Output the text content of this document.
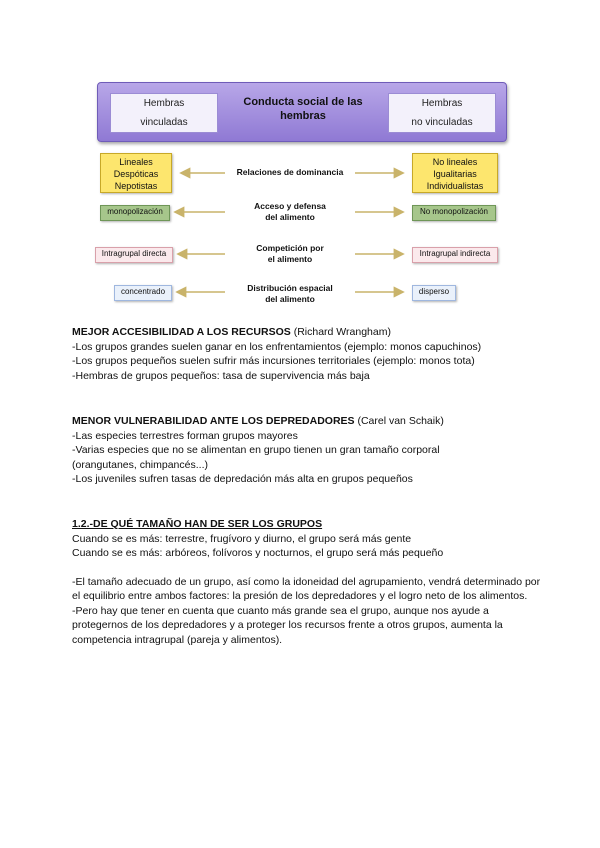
Hembras
vinculadas
Conducta social de las
hembras
Hembras
no vinculadas
Lineales
Despóticas
Nepotistas
Relaciones de dominancia
No lineales
Igualitarias
Individualistas
monopolización
Acceso y defensa
del alimento
No monopolización
Intragrupal directa
Competición por
el alimento
Intragrupal indirecta
concentrado	Distribución espacial
del alimento
disperso

MEJOR ACCESIBILIDAD A LOS RECURSOS (Richard Wrangham)

-Los grupos grandes suelen ganar en los enfrentamientos (ejemplo: monos capuchinos)

-Los grupos pequeños suelen sufrir más incursiones territoriales (ejemplo: monos tota)

-Hembras de grupos pequeños: tasa de supervivencia más baja

MENOR VULNERABILIDAD ANTE LOS DEPREDADORES (Carel van Schaik)

-Las especies terrestres forman grupos mayores

-Varias especies que no se alimentan en grupo tienen un gran tamaño corporal

(orangutanes, chimpancés...)

-Los juveniles sufren tasas de depredación más alta en grupos pequeños

1.2.-DE QUÉ TAMAÑO HAN DE SER LOS GRUPOS

Cuando se es más: terrestre, frugívoro y diurno, el grupo será más gente

Cuando se es más: arbóreos, folívoros y nocturnos, el grupo será más pequeño

-El tamaño adecuado de un grupo, así como la idoneidad del agrupamiento, vendrá determinado por el equilibrio entre ambos factores: la presión de los depredadores y el logro neto de los alimentos.

-Pero hay que tener en cuenta que cuanto más grande sea el grupo, aunque nos ayude a protegernos de los depredadores y a proteger los recursos frente a otros grupos, aumenta la competencia intragrupal (pareja y alimentos).
